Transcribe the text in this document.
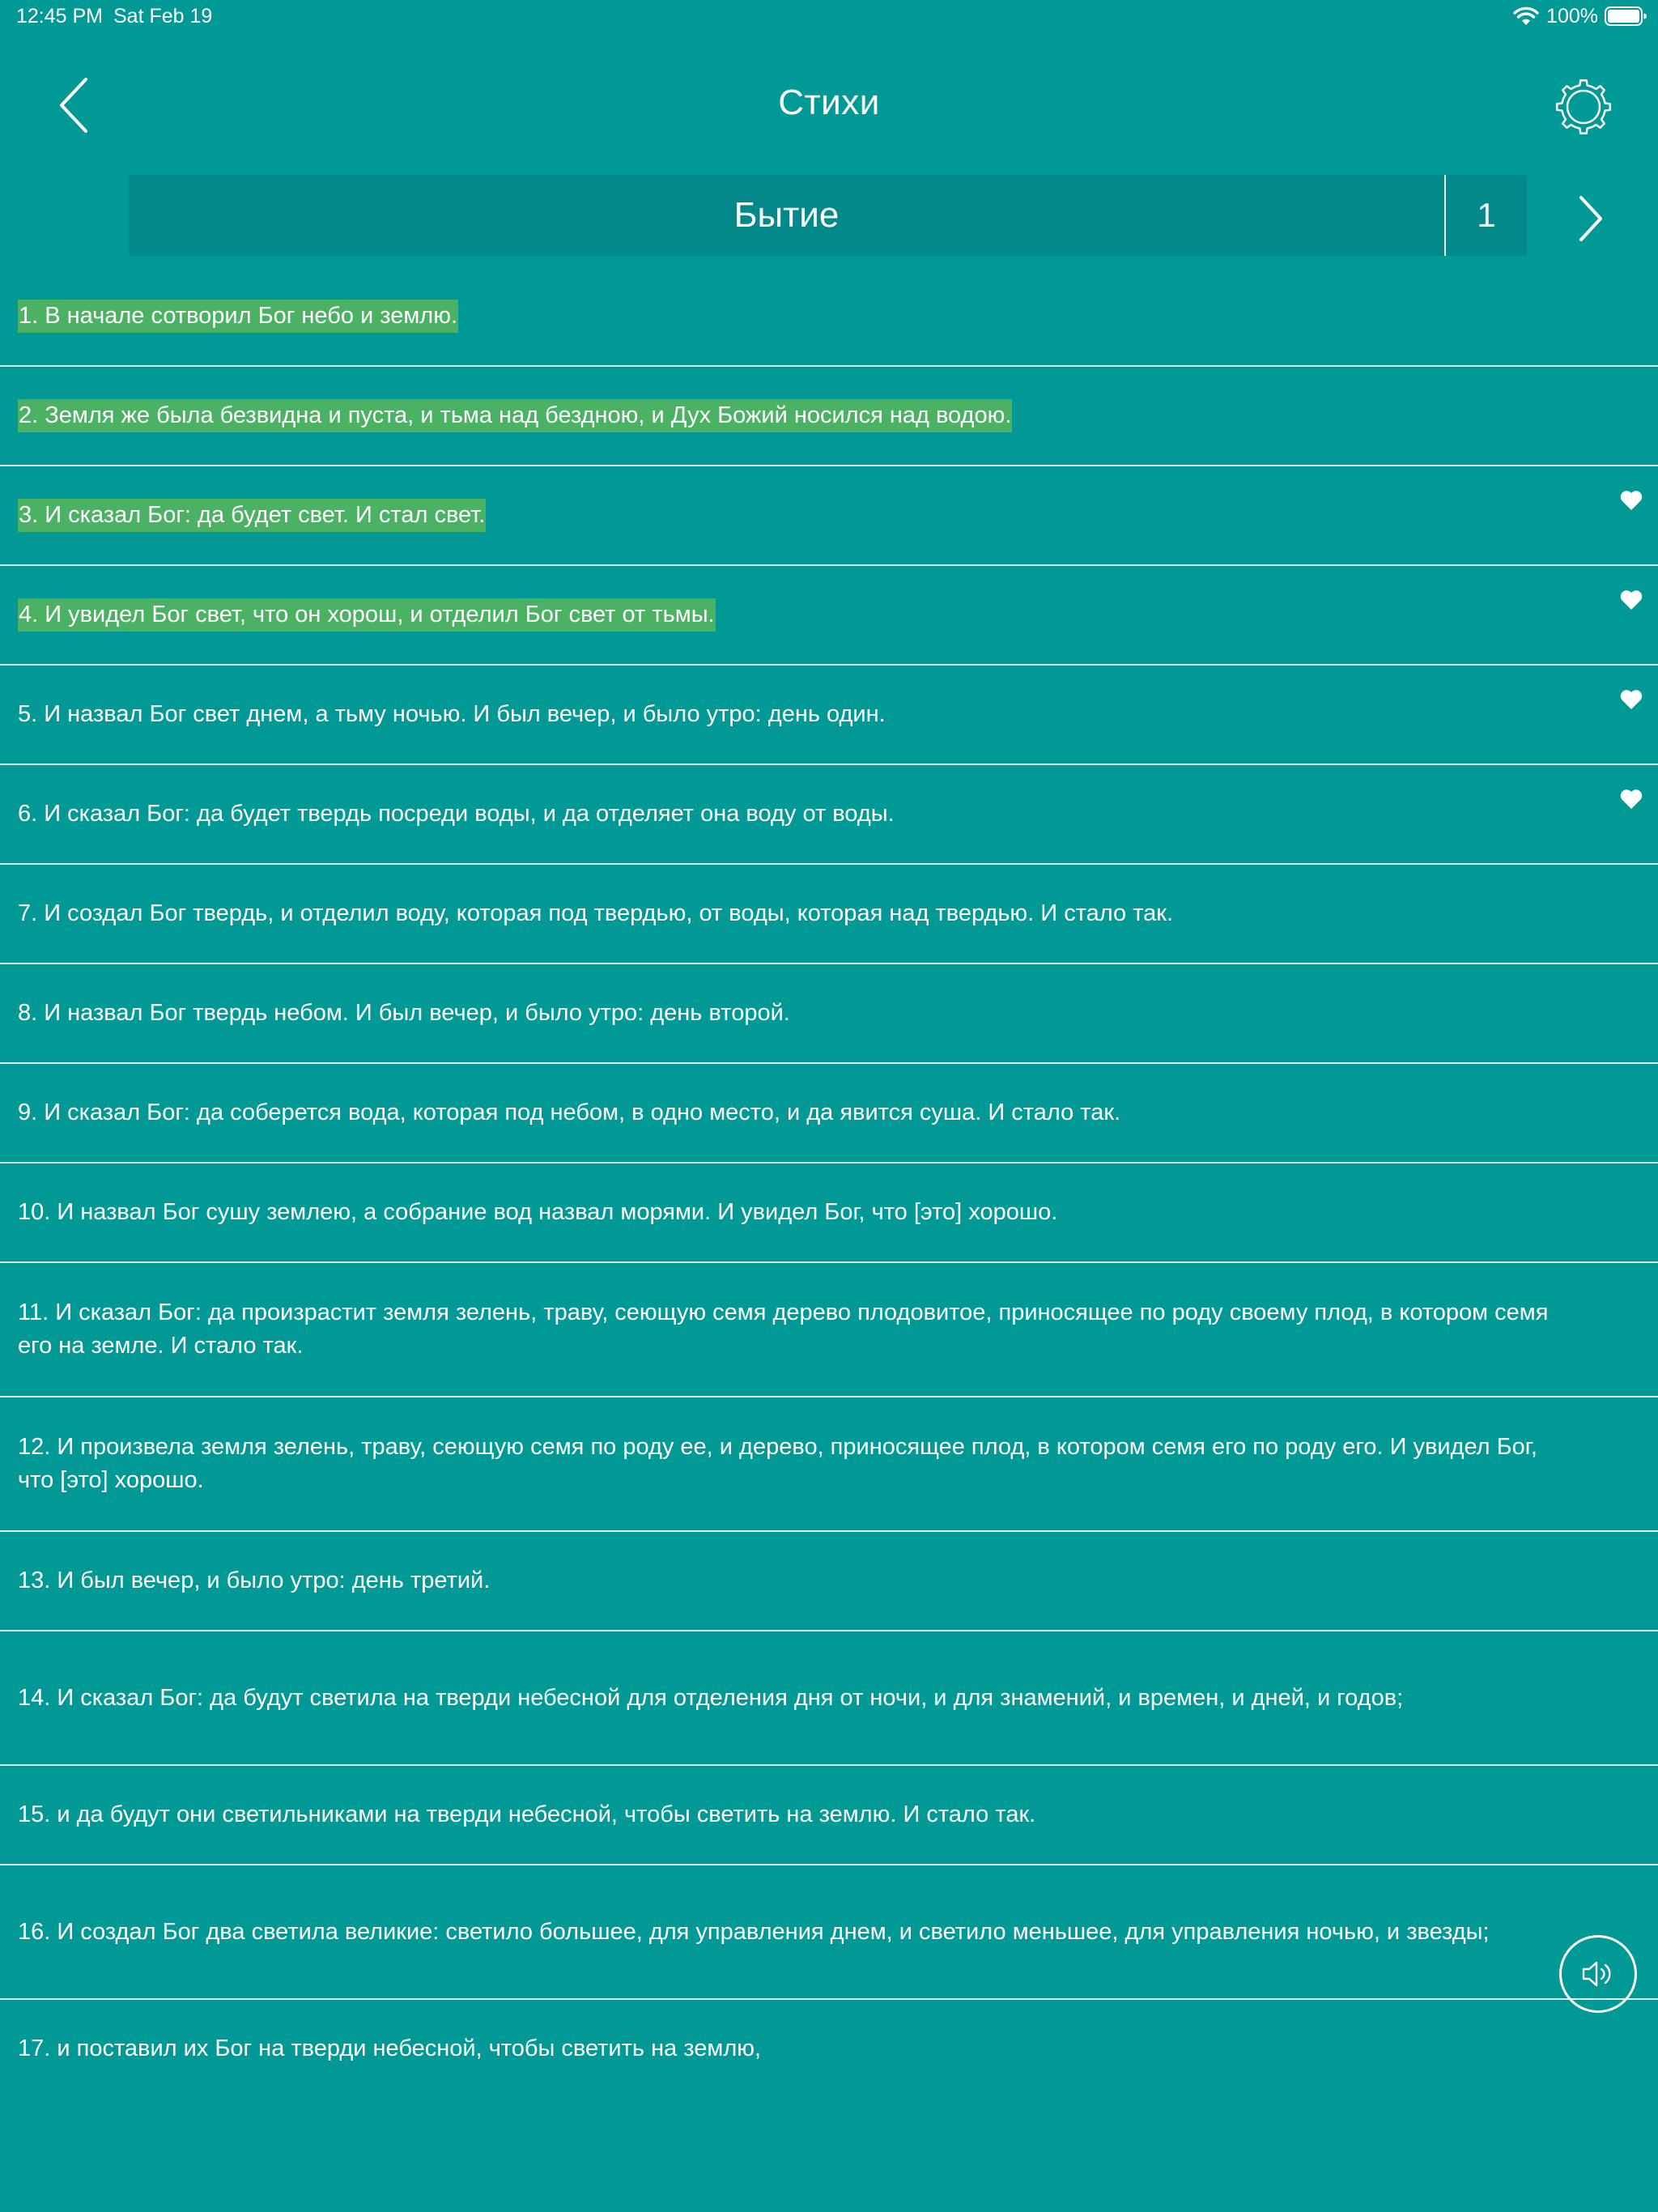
12:45 PM Sat Feb 19	100%
Стихи
Бытие	1
1. В начале сотворил Бог небо и землю.
2. Земля же была безвидна и пуста, и тьма над бездною, и Дух Божий носился над водою.
3. И сказал Бог: да будет свет. И стал свет.
4. И увидел Бог свет, что он хорош, и отделил Бог свет от тьмы.
5. И назвал Бог свет днем, а тьму ночью. И был вечер, и было утро: день один.
6. И сказал Бог: да будет твердь посреди воды, и да отделяет она воду от воды.
7. И создал Бог твердь, и отделил воду, которая под твердью, от воды, которая над твердью. И стало так.
8. И назвал Бог твердь небом. И был вечер, и было утро: день второй.
9. И сказал Бог: да соберется вода, которая под небом, в одно место, и да явится суша. И стало так.
10. И назвал Бог сушу землею, а собрание вод назвал морями. И увидел Бог, что [это] хорошо.
11. И сказал Бог: да произрастит земля зелень, траву, сеющую семя дерево плодовитое, приносящее по роду своему плод, в котором семя его на земле. И стало так.
12. И произвела земля зелень, траву, сеющую семя по роду ее, и дерево, приносящее плод, в котором семя его по роду его. И увидел Бог, что [это] хорошо.
13. И был вечер, и было утро: день третий.
14. И сказал Бог: да будут светила на тверди небесной для отделения дня от ночи, и для знамений, и времен, и дней, и годов;
15. и да будут они светильниками на тверди небесной, чтобы светить на землю. И стало так.
16. И создал Бог два светила великие: светило большее, для управления днем, и светило меньшее, для управления ночью, и звезды;
17. и поставил их Бог на тверди небесной, чтобы светить на землю,
